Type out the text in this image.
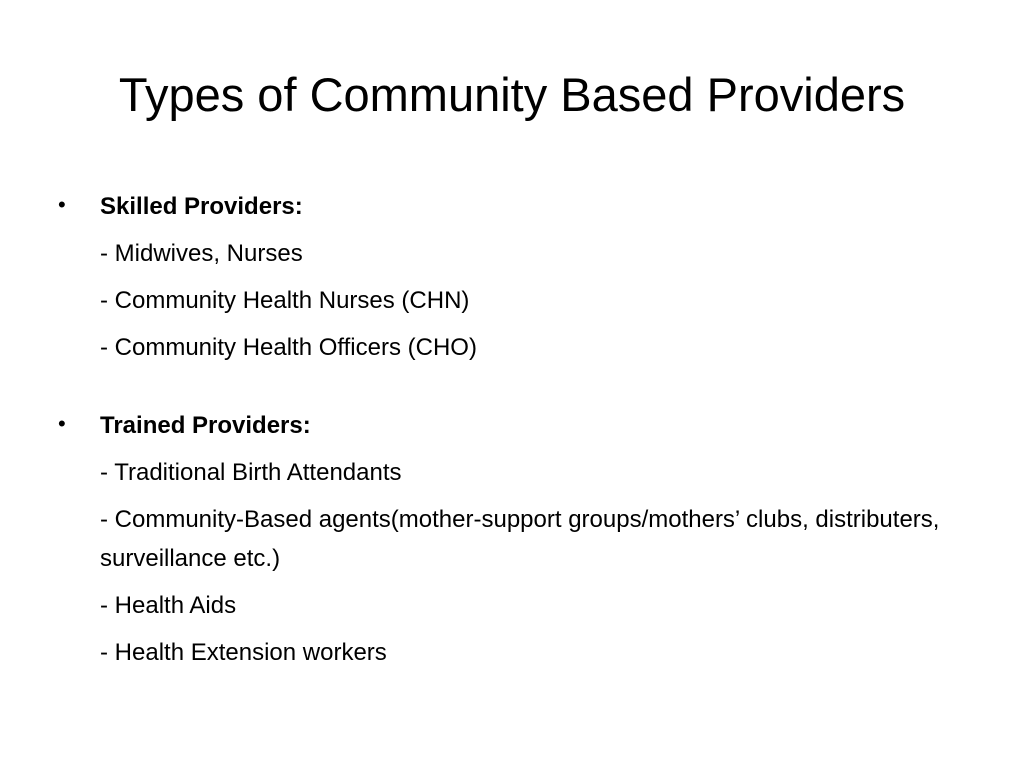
Types of Community Based Providers
•	Skilled Providers:
- Midwives, Nurses
- Community Health Nurses (CHN)
- Community Health Officers (CHO)
•	Trained Providers:
- Traditional Birth Attendants
- Community-Based agents(mother-support groups/mothers’ clubs, distributers, surveillance etc.)
- Health Aids
- Health Extension workers
